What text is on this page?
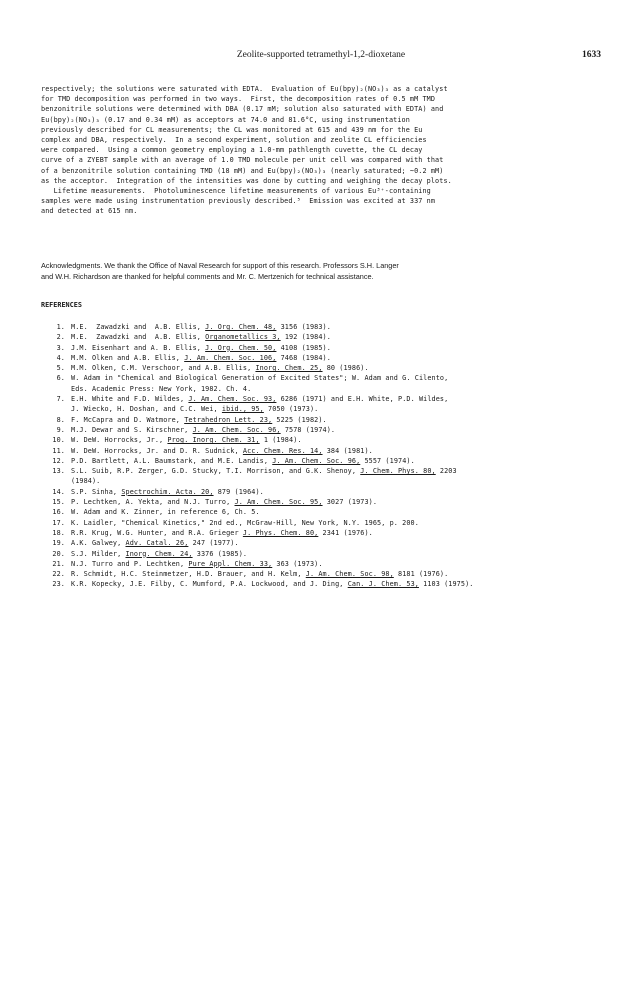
Zeolite-supported tetramethyl-1,2-dioxetane	1633
respectively; the solutions were saturated with EDTA.  Evaluation of Eu(bpy)₂(NO₃)₃ as a catalyst
for TMD decomposition was performed in two ways.  First, the decomposition rates of 0.5 mM TMD
benzonitrile solutions were determined with DBA (0.17 mM; solution also saturated with EDTA) and
Eu(bpy)₂(NO₃)₃ (0.17 and 0.34 mM) as acceptors at 74.0 and 81.6°C, using instrumentation
previously described for CL measurements; the CL was monitored at 615 and 439 nm for the Eu
complex and DBA, respectively.  In a second experiment, solution and zeolite CL efficiencies
were compared.  Using a common geometry employing a 1.0-mm pathlength cuvette, the CL decay
curve of a ZYEBT sample with an average of 1.0 TMD molecule per unit cell was compared with that
of a benzonitrile solution containing TMD (18 mM) and Eu(bpy)₂(NO₃)₃ (nearly saturated; ~0.2 mM)
as the acceptor.  Integration of the intensities was done by cutting and weighing the decay plots.
Lifetime measurements.  Photoluminescence lifetime measurements of various Eu³⁺-containing
samples were made using instrumentation previously described.⁵  Emission was excited at 337 nm
and detected at 615 nm.
Acknowledgments. We thank the Office of Naval Research for support of this research. Professors S.H. Langer
and W.H. Richardson are thanked for helpful comments and Mr. C. Mertzenich for technical assistance.
REFERENCES
1. M.E.  Zawadzki and  A.B. Ellis, J. Org. Chem. 48, 3156 (1983).
2. M.E.  Zawadzki and  A.B. Ellis, Organometallics 3, 192 (1984).
3. J.M. Eisenhart and A. B. Ellis, J. Org. Chem. 50, 4108 (1985).
4. M.M. Olken and A.B. Ellis, J. Am. Chem. Soc. 106, 7468 (1984).
5. M.M. Olken, C.M. Verschoor, and A.B. Ellis, Inorg. Chem. 25, 80 (1986).
6. W. Adam in "Chemical and Biological Generation of Excited States"; W. Adam and G. Cilento,
Eds. Academic Press: New York, 1982. Ch. 4.
7. E.H. White and F.D. Wildes, J. Am. Chem. Soc. 93, 6286 (1971) and E.H. White, P.D. Wildes,
J. Wiecko, H. Doshan, and C.C. Wei, ibid., 95, 7050 (1973).
8. F. McCapra and D. Watmore, Tetrahedron Lett. 23, 5225 (1982).
9. M.J. Dewar and S. Kirschner, J. Am. Chem. Soc. 96, 7578 (1974).
10. W. DeW. Horrocks, Jr., Prog. Inorg. Chem. 31, 1 (1984).
11. W. DeW. Horrocks, Jr. and D. R. Sudnick, Acc. Chem. Res. 14, 384 (1981).
12. P.D. Bartlett, A.L. Baumstark, and M.E. Landis, J. Am. Chem. Soc. 96, 5557 (1974).
13. S.L. Suib, R.P. Zerger, G.D. Stucky, T.I. Morrison, and G.K. Shenoy, J. Chem. Phys. 80, 2203
(1984).
14. S.P. Sinha, Spectrochim. Acta. 20, 879 (1964).
15. P. Lechtken, A. Yekta, and N.J. Turro, J. Am. Chem. Soc. 95, 3027 (1973).
16. W. Adam and K. Zinner, in reference 6, Ch. 5.
17. K. Laidler, "Chemical Kinetics," 2nd ed., McGraw-Hill, New York, N.Y. 1965, p. 200.
18. R.R. Krug, W.G. Hunter, and R.A. Grieger J. Phys. Chem. 80, 2341 (1976).
19. A.K. Galwey, Adv. Catal. 26, 247 (1977).
20. S.J. Milder, Inorg. Chem. 24, 3376 (1985).
21. N.J. Turro and P. Lechtken, Pure Appl. Chem. 33, 363 (1973).
22. R. Schmidt, H.C. Steinmetzer, H.D. Brauer, and H. Kelm, J. Am. Chem. Soc. 98, 8181 (1976).
23. K.R. Kopecky, J.E. Filby, C. Mumford, P.A. Lockwood, and J. Ding, Can. J. Chem. 53, 1103 (1975).
